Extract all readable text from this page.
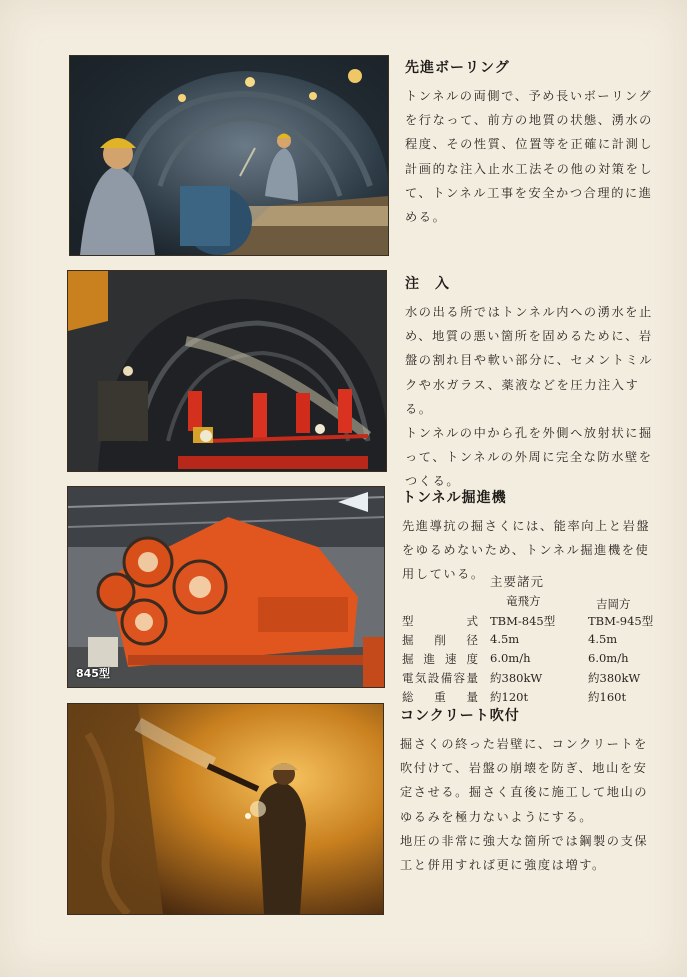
845型
先進ボーリング

トンネルの両側で、予め長いボーリング
を行なって、前方の地質の状態、湧水の
程度、その性質、位置等を正確に計測し
計画的な注入止水工法その他の対策をし
て、トンネル工事を安全かつ合理的に進
める。

注　入

水の出る所ではトンネル内への湧水を止
め、地質の悪い箇所を固めるために、岩
盤の割れ目や軟い部分に、セメントミル
クや水ガラス、薬液などを圧力注入する。
トンネルの中から孔を外側へ放射状に掘
って、トンネルの外周に完全な防水壁を
つくる。

トンネル掘進機

先進導抗の掘さくには、能率向上と岩盤
をゆるめないため、トンネル掘進機を使
用している。 主要諸元
竜飛方	吉岡方
型　　式 TBM-845型	TBM-945型
掘　削　径 4.5m	4.5m
掘進速度 6.0m/h	6.0m/h
電気設備容量 約380kW	約380kW
総　重　量 約120t	約160t
コンクリート吹付

掘さくの終った岩壁に、コンクリートを
吹付けて、岩盤の崩壊を防ぎ、地山を安
定させる。掘さく直後に施工して地山の
ゆるみを極力ないようにする。
地圧の非常に強大な箇所では鋼製の支保
工と併用すれば更に強度は増す。
